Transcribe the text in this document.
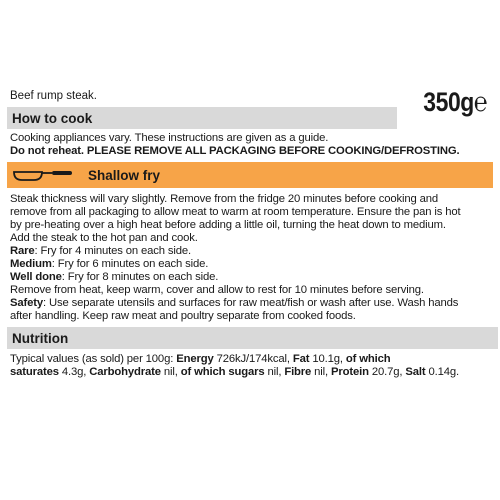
Beef rump steak.	350g℮
How to cook
Cooking appliances vary. These instructions are given as a guide.
Do not reheat. PLEASE REMOVE ALL PACKAGING BEFORE COOKING/DEFROSTING.
Shallow fry
Steak thickness will vary slightly. Remove from the fridge 20 minutes before cooking and
remove from all packaging to allow meat to warm at room temperature. Ensure the pan is hot
by pre-heating over a high heat before adding a little oil, turning the heat down to medium.
Add the steak to the hot pan and cook.
Rare: Fry for 4 minutes on each side.
Medium: Fry for 6 minutes on each side.
Well done: Fry for 8 minutes on each side.
Remove from heat, keep warm, cover and allow to rest for 10 minutes before serving.
Safety: Use separate utensils and surfaces for raw meat/fish or wash after use. Wash hands
after handling. Keep raw meat and poultry separate from cooked foods.
Nutrition
Typical values (as sold) per 100g: Energy 726kJ/174kcal, Fat 10.1g, of which
saturates 4.3g, Carbohydrate nil, of which sugars nil, Fibre nil, Protein 20.7g, Salt 0.14g.
